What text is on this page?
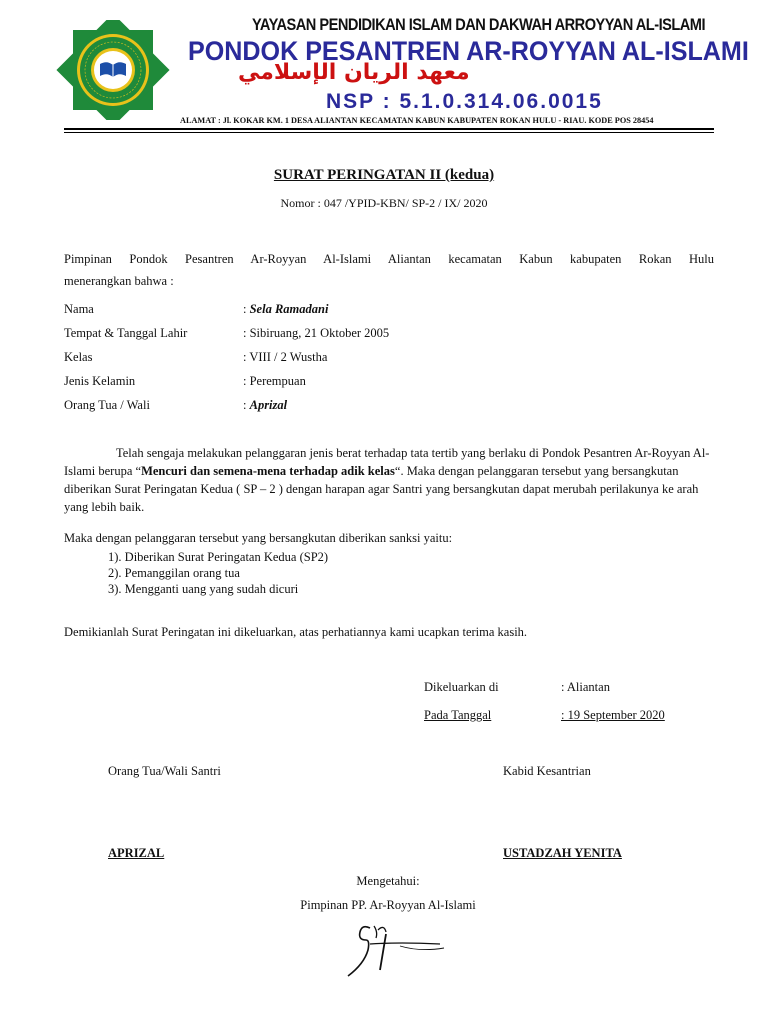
YAYASAN PENDIDIKAN ISLAM DAN DAKWAH ARROYYAN AL-ISLAMI
PONDOK PESANTREN AR-ROYYAN AL-ISLAMI
معهد الريان الإسلامي
NSP : 5.1.0.314.06.0015
ALAMAT : Jl. KOKAR KM. 1 DESA ALIANTAN KECAMATAN KABUN KABUPATEN ROKAN HULU - RIAU. KODE POS 28454
SURAT PERINGATAN II (kedua)
Nomor : 047 /YPID-KBN/ SP-2 / IX/ 2020
Pimpinan Pondok Pesantren Ar-Royyan Al-Islami Aliantan kecamatan Kabun kabupaten Rokan Hulu
menerangkan bahwa :
Nama	: Sela Ramadani
Tempat & Tanggal Lahir	: Sibiruang, 21 Oktober 2005
Kelas	: VIII / 2 Wustha
Jenis Kelamin	: Perempuan
Orang Tua / Wali	: Aprizal
Telah sengaja melakukan pelanggaran jenis berat terhadap tata tertib yang berlaku di Pondok Pesantren Ar-Royyan Al-Islami berupa “Mencuri dan semena-mena terhadap adik kelas“. Maka dengan pelanggaran tersebut yang bersangkutan diberikan Surat Peringatan Kedua ( SP – 2 ) dengan harapan agar Santri yang bersangkutan dapat merubah perilakunya ke arah yang lebih baik.
Maka dengan pelanggaran tersebut yang bersangkutan diberikan sanksi yaitu:
1). Diberikan Surat Peringatan Kedua (SP2)
2). Pemanggilan orang tua
3). Mengganti uang yang sudah dicuri
Demikianlah Surat Peringatan ini dikeluarkan, atas perhatiannya kami ucapkan terima kasih.
Dikeluarkan di	: Aliantan
Pada Tanggal	: 19 September 2020
Orang Tua/Wali Santri	Kabid Kesantrian
APRIZAL	USTADZAH YENITA
Mengetahui:
Pimpinan PP. Ar-Royyan Al-Islami
